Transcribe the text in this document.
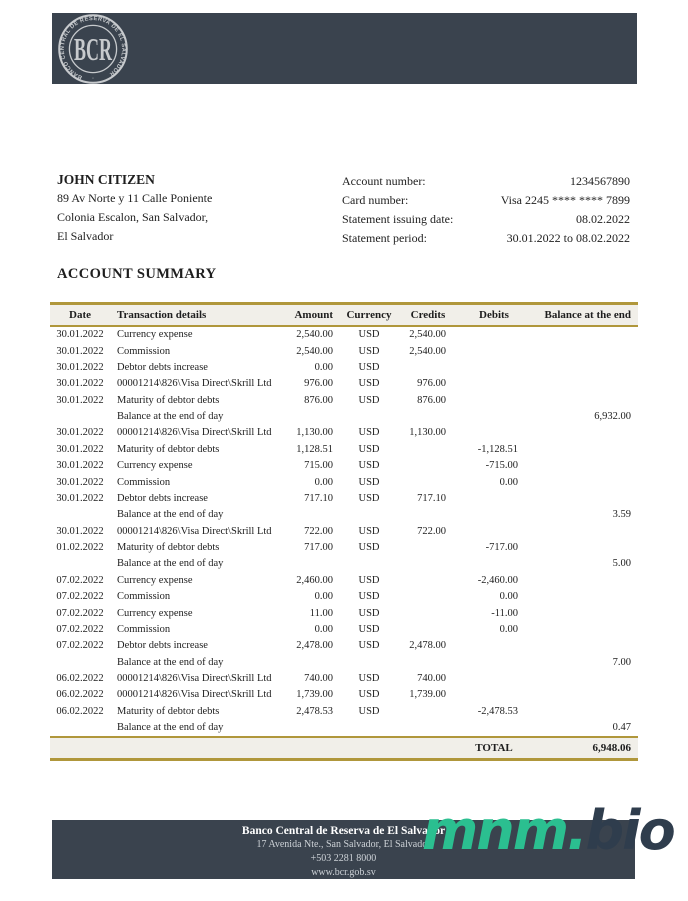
BANCO CENTRAL DE RESERVA DE EL SALVADOR
·
BCR
JOHN CITIZEN
89 Av Norte y 11 Calle Poniente
Colonia Escalon, San Salvador,
El Salvador
Account number:	1234567890
Card number:	Visa 2245 **** **** 7899
Statement issuing date:	08.02.2022
Statement period:	30.01.2022 to 08.02.2022
ACCOUNT SUMMARY
Date	Transaction details	Amount	Currency	Credits	Debits	Balance at the end
30.01.2022	Currency expense	2,540.00	USD	2,540.00		
30.01.2022	Commission	2,540.00	USD	2,540.00		
30.01.2022	Debtor debts increase	0.00	USD			
30.01.2022	00001214\826\Visa Direct\Skrill Ltd	976.00	USD	976.00		
30.01.2022	Maturity of debtor debts	876.00	USD	876.00		
	Balance at the end of day					6,932.00
30.01.2022	00001214\826\Visa Direct\Skrill Ltd	1,130.00	USD	1,130.00		
30.01.2022	Maturity of debtor debts	1,128.51	USD		-1,128.51	
30.01.2022	Currency expense	715.00	USD		-715.00	
30.01.2022	Commission	0.00	USD		0.00	
30.01.2022	Debtor debts increase	717.10	USD	717.10		
	Balance at the end of day					3.59
30.01.2022	00001214\826\Visa Direct\Skrill Ltd	722.00	USD	722.00		
01.02.2022	Maturity of debtor debts	717.00	USD		-717.00	
	Balance at the end of day					5.00
07.02.2022	Currency expense	2,460.00	USD		-2,460.00	
07.02.2022	Commission	0.00	USD		0.00	
07.02.2022	Currency expense	11.00	USD		-11.00	
07.02.2022	Commission	0.00	USD		0.00	
07.02.2022	Debtor debts increase	2,478.00	USD	2,478.00		
	Balance at the end of day					7.00
06.02.2022	00001214\826\Visa Direct\Skrill Ltd	740.00	USD	740.00		
06.02.2022	00001214\826\Visa Direct\Skrill Ltd	1,739.00	USD	1,739.00		
06.02.2022	Maturity of debtor debts	2,478.53	USD		-2,478.53	
	Balance at the end of day					0.47
					TOTAL	6,948.06
Banco Central de Reserva de El Salvador
17 Avenida Nte., San Salvador, El Salvador
+503 2281 8000
www.bcr.gob.sv
mnm.bio
